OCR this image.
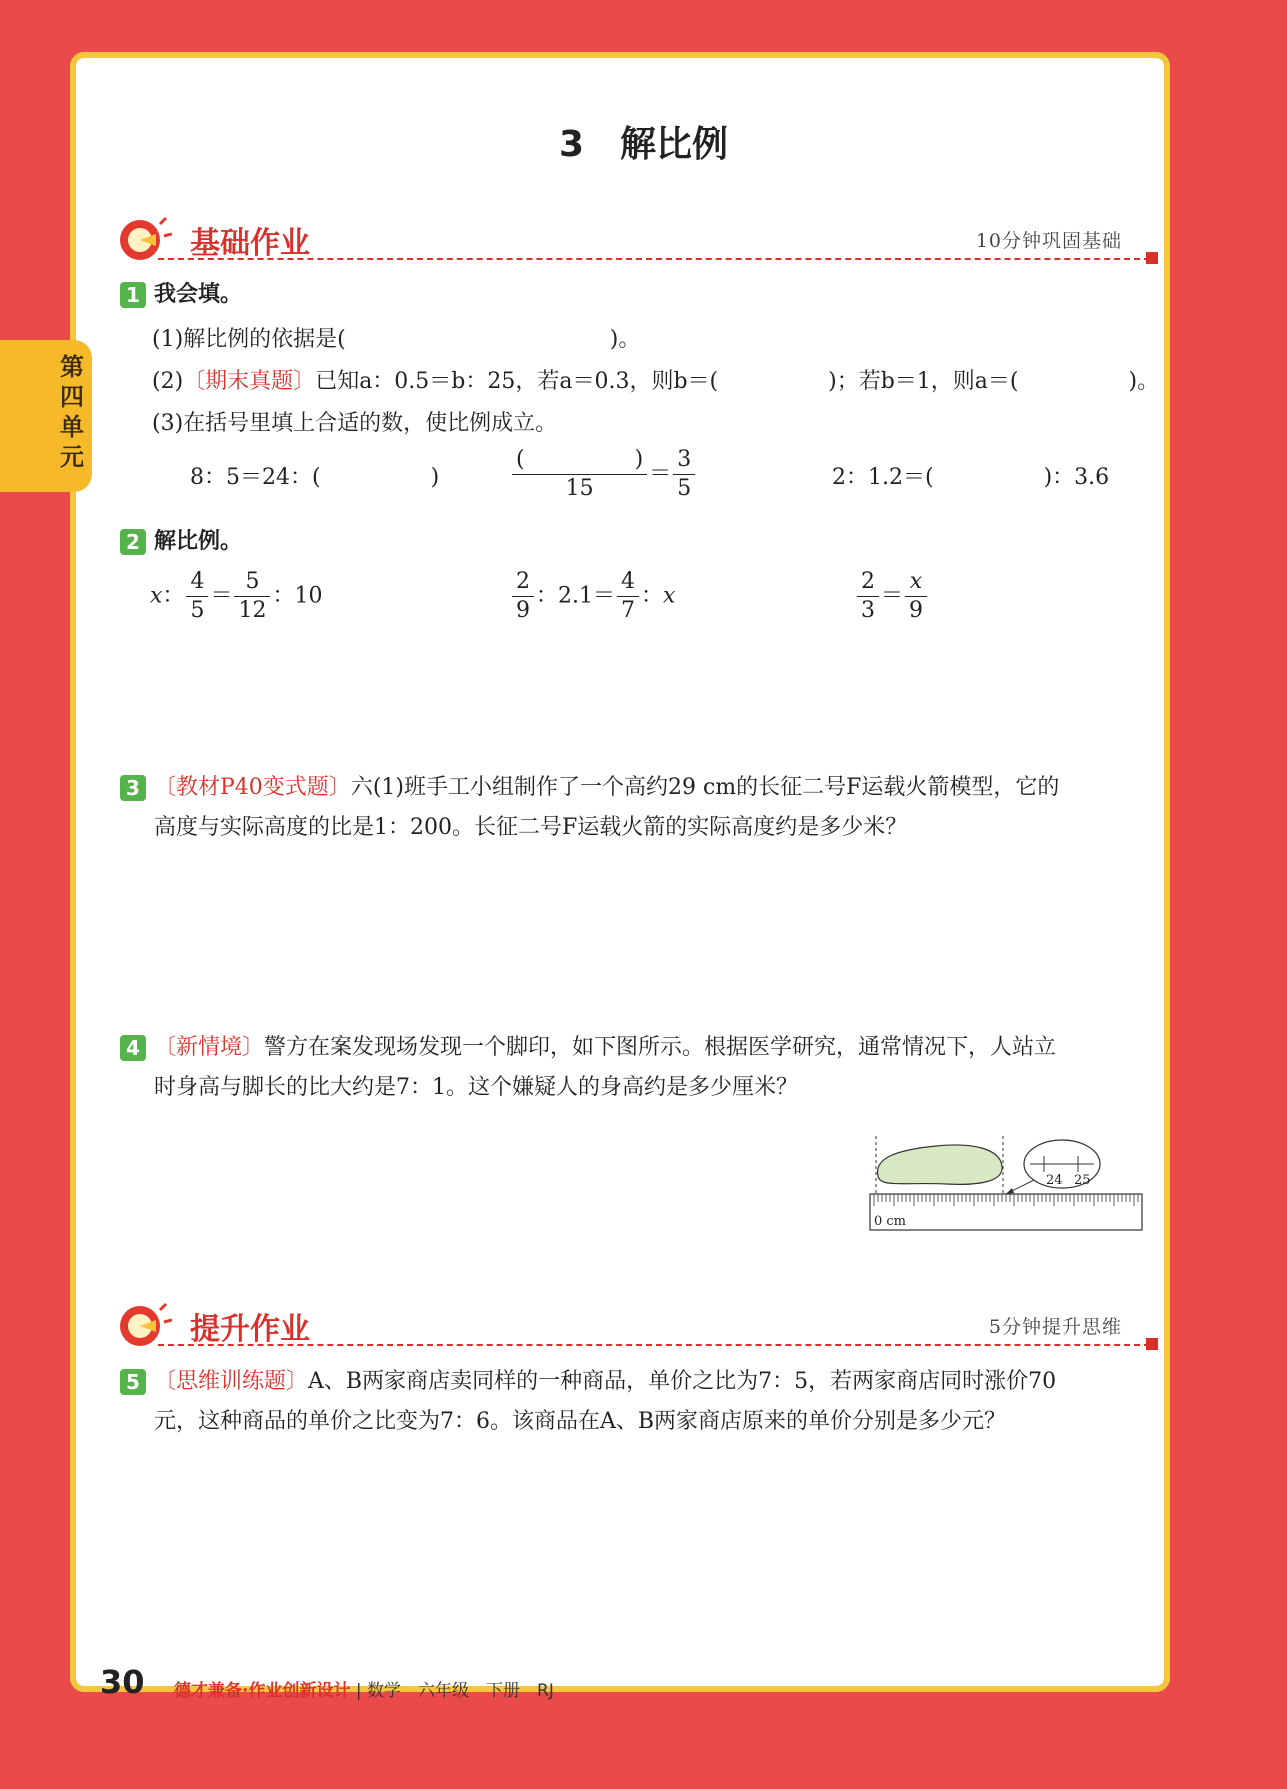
第四单元
3　解比例
基础作业	10分钟巩固基础
1 我会填。
(1)解比例的依据是(　　　　　　　　　　　　)。
(2)〔期末真题〕已知a：0.5＝b：25，若a＝0.3，则b＝(　　　　　)；若b＝1，则a＝(　　　　　)。
(3)在括号里填上合适的数，使比例成立。
8：5＝24：(　　　　　)	$\frac{( )}{15} = \frac{3}{5}$	2：1.2＝(　　　　　)：3.6
2 解比例。
x： $\frac{4}{5} = \frac{5}{12}$ ：10	$\frac{2}{9}$ ：$2.1= \frac{4}{7}$ ：x	$\frac{2}{3} = \frac{x}{9}$
3 〔教材P40变式题〕六(1)班手工小组制作了一个高约29 cm的长征二号F运载火箭模型，它的
高度与实际高度的比是1：200。长征二号F运载火箭的实际高度约是多少米？
4 〔新情境〕警方在案发现场发现一个脚印，如下图所示。根据医学研究，通常情况下，人站立
时身高与脚长的比大约是7：1。这个嫌疑人的身高约是多少厘米？
24 25
0 cm
提升作业	5分钟提升思维
5 〔思维训练题〕A、B两家商店卖同样的一种商品，单价之比为7：5，若两家商店同时涨价70
元，这种商品的单价之比变为7：6。该商品在A、B两家商店原来的单价分别是多少元？
30 德才兼备·作业创新设计 | 数学　六年级　下册　RJ
